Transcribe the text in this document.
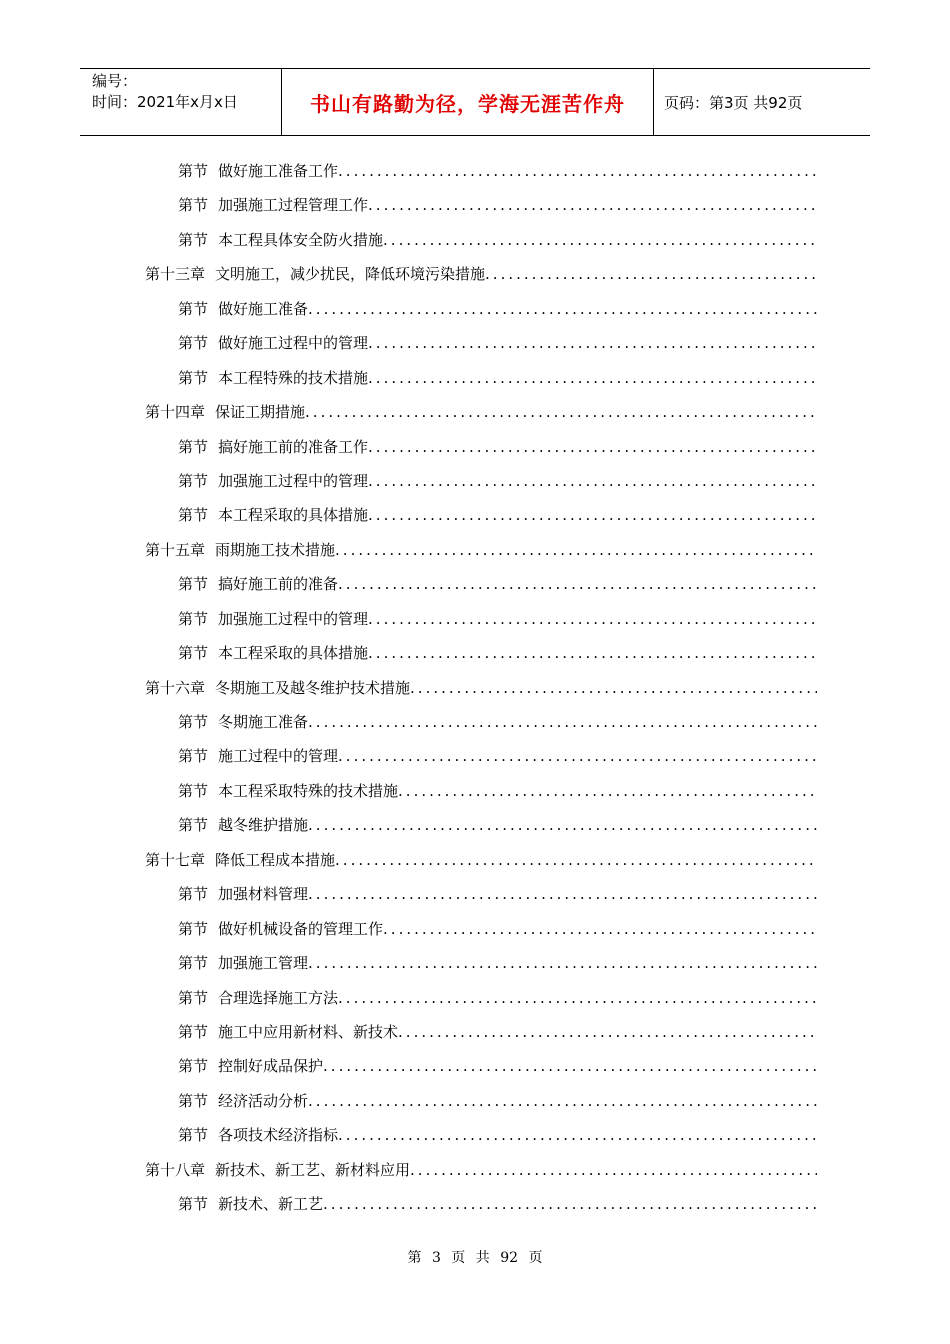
编号：
时间：2021年x月x日	书山有路勤为径，学海无涯苦作舟	页码：第3页 共92页
第节 做好施工准备工作
.....
第节 加强施工过程管理工作
.....
第节 本工程具体安全防火措施
.....
第十三章 文明施工，减少扰民，降低环境污染措施
.....
第节 做好施工准备
.....
第节 做好施工过程中的管理
.....
第节 本工程特殊的技术措施
.....
第十四章 保证工期措施
.....
第节 搞好施工前的准备工作
.....
第节 加强施工过程中的管理
.....
第节 本工程采取的具体措施
.....
第十五章 雨期施工技术措施
.....
第节 搞好施工前的准备
.....
第节 加强施工过程中的管理
.....
第节 本工程采取的具体措施
.....
第十六章 冬期施工及越冬维护技术措施
.....
第节 冬期施工准备
.....
第节 施工过程中的管理
.....
第节 本工程采取特殊的技术措施
.....
第节 越冬维护措施
.....
第十七章 降低工程成本措施
.....
第节 加强材料管理
.....
第节 做好机械设备的管理工作
.....
第节 加强施工管理
.....
第节 合理选择施工方法
.....
第节 施工中应用新材料、新技术
.....
第节 控制好成品保护
.....
第节 经济活动分析
.....
第节 各项技术经济指标
.....
第十八章 新技术、新工艺、新材料应用
.....
第节 新技术、新工艺
.....
第 3 页 共 92 页
